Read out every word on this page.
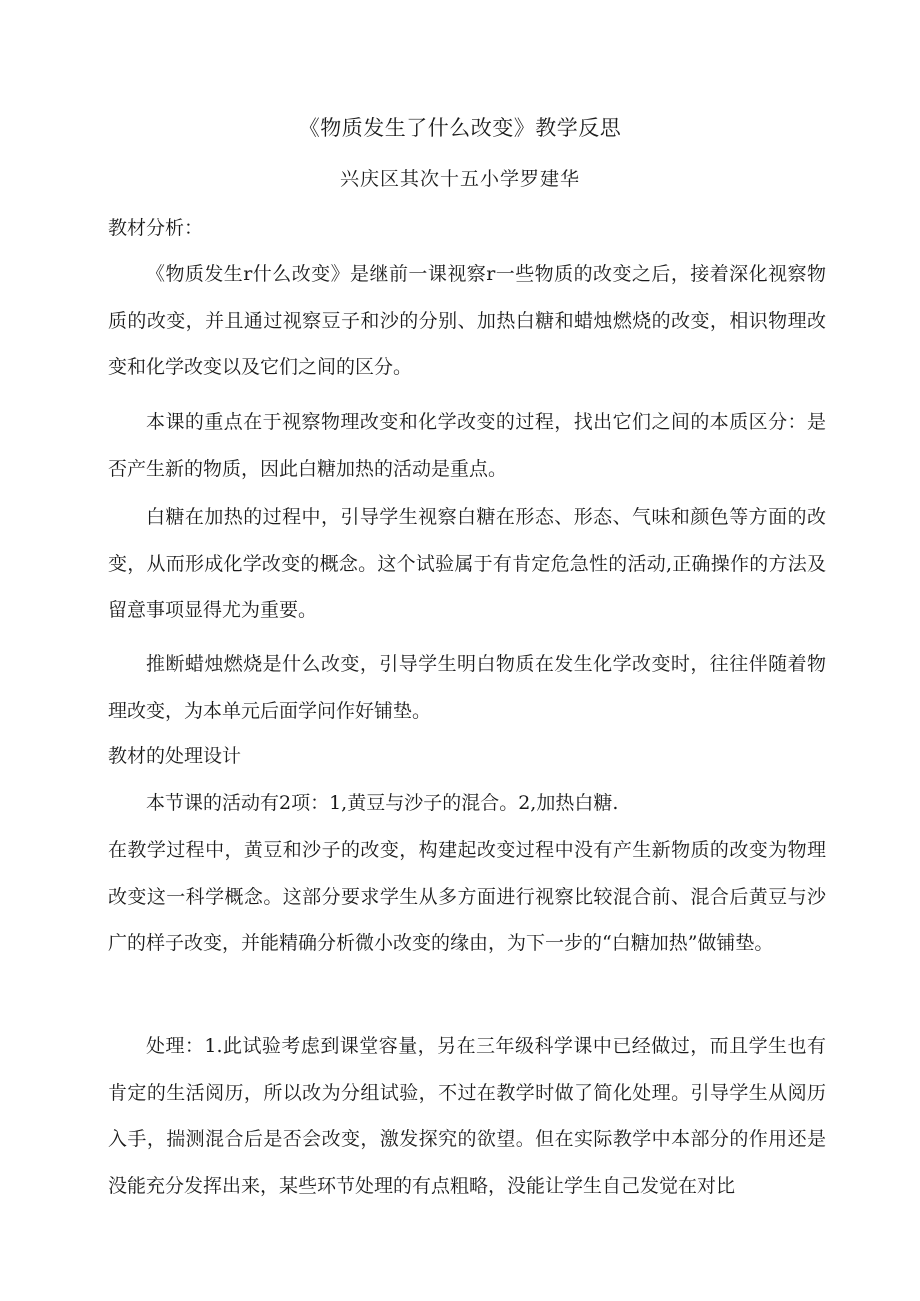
《物质发生了什么改变》教学反思
兴庆区其次十五小学罗建华
教材分析：
《物质发生r什么改变》是继前一课视察r一些物质的改变之后，接着深化视察物质的改变，并且通过视察豆子和沙的分别、加热白糖和蜡烛燃烧的改变，相识物理改变和化学改变以及它们之间的区分。
本课的重点在于视察物理改变和化学改变的过程，找出它们之间的本质区分：是否产生新的物质，因此白糖加热的活动是重点。
白糖在加热的过程中，引导学生视察白糖在形态、形态、气味和颜色等方面的改变，从而形成化学改变的概念。这个试验属于有肯定危急性的活动,正确操作的方法及留意事项显得尤为重要。
推断蜡烛燃烧是什么改变，引导学生明白物质在发生化学改变时，往往伴随着物理改变，为本单元后面学问作好铺垫。
教材的处理设计
本节课的活动有2项：1,黄豆与沙子的混合。2,加热白糖.
在教学过程中，黄豆和沙子的改变，构建起改变过程中没有产生新物质的改变为物理改变这一科学概念。这部分要求学生从多方面进行视察比较混合前、混合后黄豆与沙广的样子改变，并能精确分析微小改变的缘由，为下一步的“白糖加热”做铺垫。
处理：1.此试验考虑到课堂容量，另在三年级科学课中已经做过，而且学生也有肯定的生活阅历，所以改为分组试验，不过在教学时做了简化处理。引导学生从阅历入手，揣测混合后是否会改变，激发探究的欲望。但在实际教学中本部分的作用还是没能充分发挥出来，某些环节处理的有点粗略，没能让学生自己发觉在对比
